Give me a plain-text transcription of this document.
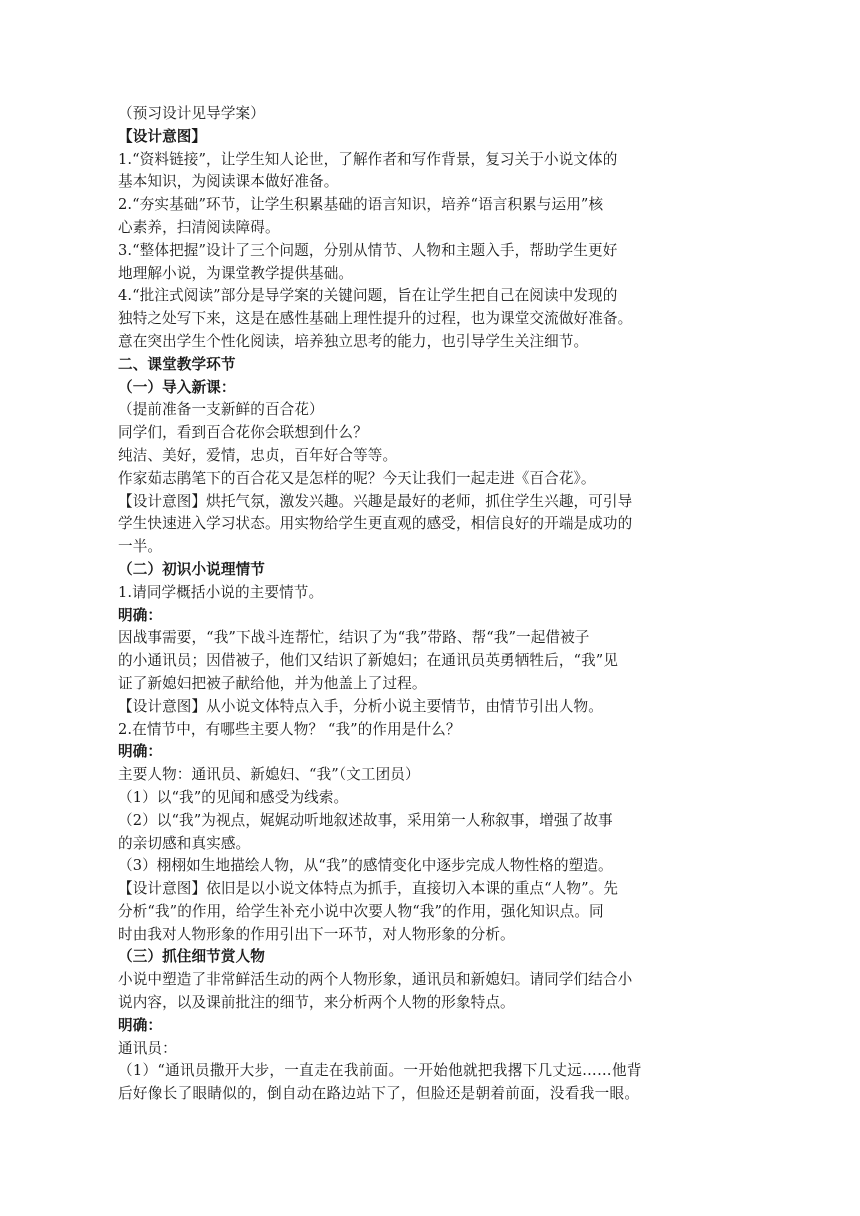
（预习设计见导学案）
【设计意图】
1.“资料链接”，让学生知人论世，了解作者和写作背景，复习关于小说文体的
基本知识，为阅读课本做好准备。
2.“夯实基础”环节，让学生积累基础的语言知识，培养“语言积累与运用”核
心素养，扫清阅读障碍。
3.“整体把握”设计了三个问题，分别从情节、人物和主题入手，帮助学生更好
地理解小说，为课堂教学提供基础。
4.“批注式阅读”部分是导学案的关键问题，旨在让学生把自己在阅读中发现的
独特之处写下来，这是在感性基础上理性提升的过程，也为课堂交流做好准备。
意在突出学生个性化阅读，培养独立思考的能力，也引导学生关注细节。
二、课堂教学环节
（一）导入新课：
（提前准备一支新鲜的百合花）
同学们，看到百合花你会联想到什么？
纯洁、美好，爱情，忠贞，百年好合等等。
作家茹志鹃笔下的百合花又是怎样的呢？今天让我们一起走进《百合花》。
【设计意图】烘托气氛，激发兴趣。兴趣是最好的老师，抓住学生兴趣，可引导
学生快速进入学习状态。用实物给学生更直观的感受，相信良好的开端是成功的
一半。
（二）初识小说理情节
1.请同学概括小说的主要情节。
明确：
因战事需要，“我”下战斗连帮忙，结识了为“我”带路、帮“我”一起借被子
的小通讯员；因借被子，他们又结识了新媳妇；在通讯员英勇牺牲后，“我”见
证了新媳妇把被子献给他，并为他盖上了过程。
【设计意图】从小说文体特点入手，分析小说主要情节，由情节引出人物。
2.在情节中，有哪些主要人物？ “我”的作用是什么？
明确：
主要人物：通讯员、新媳妇、“我”（文工团员）
（1）以“我”的见闻和感受为线索。
（2）以“我”为视点，娓娓动听地叙述故事，采用第一人称叙事，增强了故事
的亲切感和真实感。
（3）栩栩如生地描绘人物，从“我”的感情变化中逐步完成人物性格的塑造。
【设计意图】依旧是以小说文体特点为抓手，直接切入本课的重点“人物”。先
分析“我”的作用，给学生补充小说中次要人物“我”的作用，强化知识点。同
时由我对人物形象的作用引出下一环节，对人物形象的分析。
（三）抓住细节赏人物
小说中塑造了非常鲜活生动的两个人物形象，通讯员和新媳妇。请同学们结合小
说内容，以及课前批注的细节，来分析两个人物的形象特点。
明确：
通讯员：
（1）“通讯员撒开大步，一直走在我前面。一开始他就把我撂下几丈远……他背
后好像长了眼睛似的，倒自动在路边站下了，但脸还是朝着前面，没看我一眼。
